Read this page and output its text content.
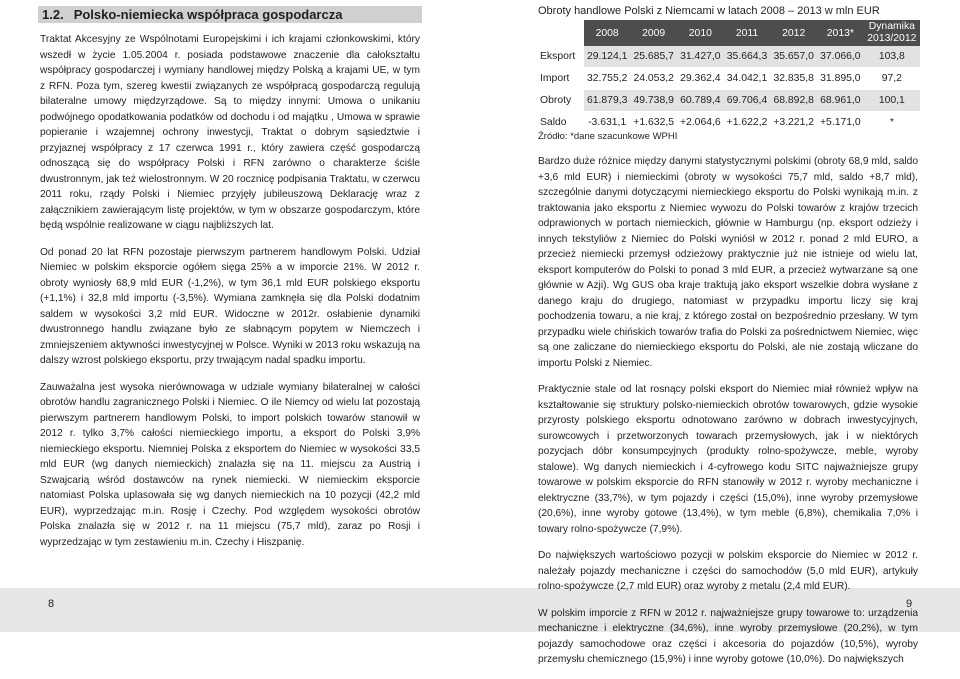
1.2. Polsko-niemiecka współpraca gospodarcza

Traktat Akcesyjny ze Wspólnotami Europejskimi i ich krajami członkowskimi, który wszedł w życie 1.05.2004 r. posiada podstawowe znaczenie dla całokształtu współpracy gospodarczej i wymiany handlowej między Polską a krajami UE, w tym z RFN. Poza tym, szereg kwestii związanych ze współpracą gospodarczą regulują bilateralne umowy międzyrządowe. Są to między innymi: Umowa o unikaniu podwójnego opodatkowania podatków od dochodu i od majątku , Umowa w sprawie popieranie i wzajemnej ochrony inwestycji, Traktat o dobrym sąsiedztwie i przyjaznej współpracy z 17 czerwca 1991 r., który zawiera część gospodarczą odnoszącą się do współpracy Polski i RFN zarówno o charakterze ściśle dwustronnym, jak też wielostronnym. W 20 rocznicę podpisania Traktatu, w czerwcu 2011 roku, rządy Polski i Niemiec przyjęły jubileuszową Deklarację wraz z załącznikiem zawierającym listę projektów, w tym w obszarze gospodarczym, które będą wspólnie realizowane w ciągu najbliższych lat.

Od ponad 20 lat RFN pozostaje pierwszym partnerem handlowym Polski. Udział Niemiec w polskim eksporcie ogółem sięga 25% a w imporcie 21%. W 2012 r. obroty wyniosły 68,9 mld EUR (-1,2%), w tym 36,1 mld EUR polskiego eksportu (+1,1%) i 32,8 mld importu (-3,5%). Wymiana zamknęła się dla Polski dodatnim saldem w wysokości 3,2 mld EUR. Widoczne w 2012r. osłabienie dynamiki dwustronnego handlu związane było ze słabnącym popytem w Niemczech i zmniejszeniem aktywności inwestycyjnej w Polsce. Wyniki w 2013 roku wskazują na dalszy wzrost polskiego eksportu, przy trwającym nadal spadku importu.

Zauważalna jest wysoka nierównowaga w udziale wymiany bilateralnej w całości obrotów handlu zagranicznego Polski i Niemiec. O ile Niemcy od wielu lat pozostają pierwszym partnerem handlowym Polski, to import polskich towarów stanowił w 2012 r. tylko 3,7% całości niemieckiego importu, a eksport do Polski 3,9% niemieckiego eksportu. Niemniej Polska z eksportem do Niemiec w wysokości 33,5 mld EUR (wg danych niemieckich) znalazła się na 11. miejscu za Austrią i Szwajcarią wśród dostawców na rynek niemiecki. W niemieckim eksporcie natomiast Polska uplasowała się wg danych niemieckich na 10 pozycji (42,2 mld EUR), wyprzedzając m.in. Rosję i Czechy. Pod względem wysokości obrotów Polska znalazła się w 2012 r. na 11 miejscu (75,7 mld), zaraz po Rosji i wyprzedzając w tym zestawieniu m.in. Czechy i Hiszpanię.

8
Obroty handlowe Polski z Niemcami w latach 2008 – 2013 w mln EUR
	2008	2009	2010	2011	2012	2013*	Dynamika
2013/2012

Eksport	29.124,1	25.685,7	31.427,0	35.664,3	35.657,0	37.066,0	103,8
Import	32.755,2	24.053,2	29.362,4	34.042,1	32.835,8	31.895,0	97,2
Obroty	61.879,3	49.738,9	60.789,4	69.706,4	68.892,8	68.961,0	100,1
Saldo	-3.631,1	+1.632,5	+2.064,6	+1.622,2	+3.221,2	+5.171,0	*
Źródło: *dane szacunkowe WPHI

Bardzo duże różnice między danymi statystycznymi polskimi (obroty 68,9 mld, saldo +3,6 mld EUR) i niemieckimi (obroty w wysokości 75,7 mld, saldo +8,7 mld), szczególnie danymi dotyczącymi niemieckiego eksportu do Polski wynikają m.in. z traktowania jako eksportu z Niemiec wywozu do Polski towarów z krajów trzecich odprawionych w portach niemieckich, głównie w Hamburgu (np. eksport odzieży i innych tekstyliów z Niemiec do Polski wyniósł w 2012 r. ponad 2 mld EURO, a przecież niemiecki przemysł odzieżowy praktycznie już nie istnieje od wielu lat, eksport komputerów do Polski to ponad 3 mld EUR, a przecież wytwarzane są one głównie w Azji). Wg GUS oba kraje traktują jako eksport wszelkie dobra wysłane z danego kraju do drugiego, natomiast w przypadku importu liczy się kraj pochodzenia towaru, a nie kraj, z którego został on bezpośrednio przesłany. W tym przypadku wiele chińskich towarów trafia do Polski za pośrednictwem Niemiec, więc są one zaliczane do niemieckiego eksportu do Polski, ale nie zostają wliczane do importu Polski z Niemiec.

Praktycznie stale od lat rosnący polski eksport do Niemiec miał również wpływ na kształtowanie się struktury polsko-niemieckich obrotów towarowych, gdzie wysokie przyrosty polskiego eksportu odnotowano zarówno w dobrach inwestycyjnych, surowcowych i przetworzonych towarach przemysłowych, jak i w niektórych pozycjach dóbr konsumpcyjnych (produkty rolno-spożywcze, meble, wyroby stalowe). Wg danych niemieckich i 4-cyfrowego kodu SITC najważniejsze grupy towarowe w polskim eksporcie do RFN stanowiły w 2012 r. wyroby mechaniczne i elektryczne (33,7%), w tym pojazdy i części (15,0%), inne wyroby przemysłowe (20,6%), inne wyroby gotowe (13,4%), w tym meble (6,8%), chemikalia 7,0% i towary rolno-spożywcze (7,9%).

Do największych wartościowo pozycji w polskim eksporcie do Niemiec w 2012 r. należały pojazdy mechaniczne i części do samochodów (5,0 mld EUR), artykuły rolno-spożywcze (2,7 mld EUR) oraz wyroby z metalu (2,4 mld EUR).

W polskim imporcie z RFN w 2012 r. najważniejsze grupy towarowe to: urządzenia mechaniczne i elektryczne (34,6%), inne wyroby przemysłowe (20,2%), w tym pojazdy samochodowe oraz części i akcesoria do pojazdów (10,5%), wyroby przemysłu chemicznego (15,9%) i inne wyroby gotowe (10,0%). Do największych

9
